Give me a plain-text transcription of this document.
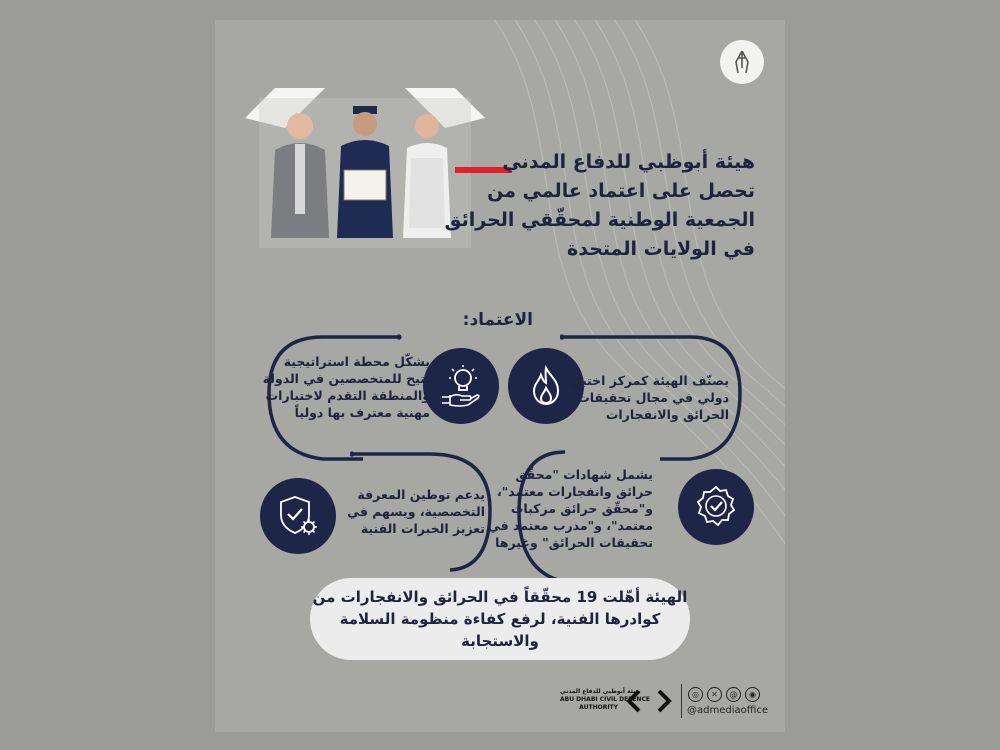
هيئة أبوظبي للدفاع المدني
تحصل على اعتماد عالمي من
الجمعية الوطنية لمحقّقي الحرائق
في الولايات المتحدة
الاعتماد:
يصنّف الهيئة كمركز اختبار
دولي في مجال تحقيقات
الحرائق والانفجارات
يشكّل محطة استراتيجية
تتيح للمتخصصين في الدولة
والمنطقة التقدم لاختبارات
مهنية معترف بها دولياً
يشمل شهادات "محقّق
حرائق وانفجارات معتمد"،
و"محقّق حرائق مركبات
معتمد"، و"مدرب معتمد في
تحقيقات الحرائق" وغيرها
يدعم توطين المعرفة
التخصصية، ويسهم في
تعزيز الخبرات الفنية
الهيئة أهّلت 19 محقّقاً في الحرائق والانفجارات من
كوادرها الفنية، لرفع كفاءة منظومة السلامة والاستجابة
هيئة أبوظبي للدفاع المدني
ABU DHABI CIVIL DEFENCE
AUTHORITY
◎	✕	@	◉
@admediaoffice
